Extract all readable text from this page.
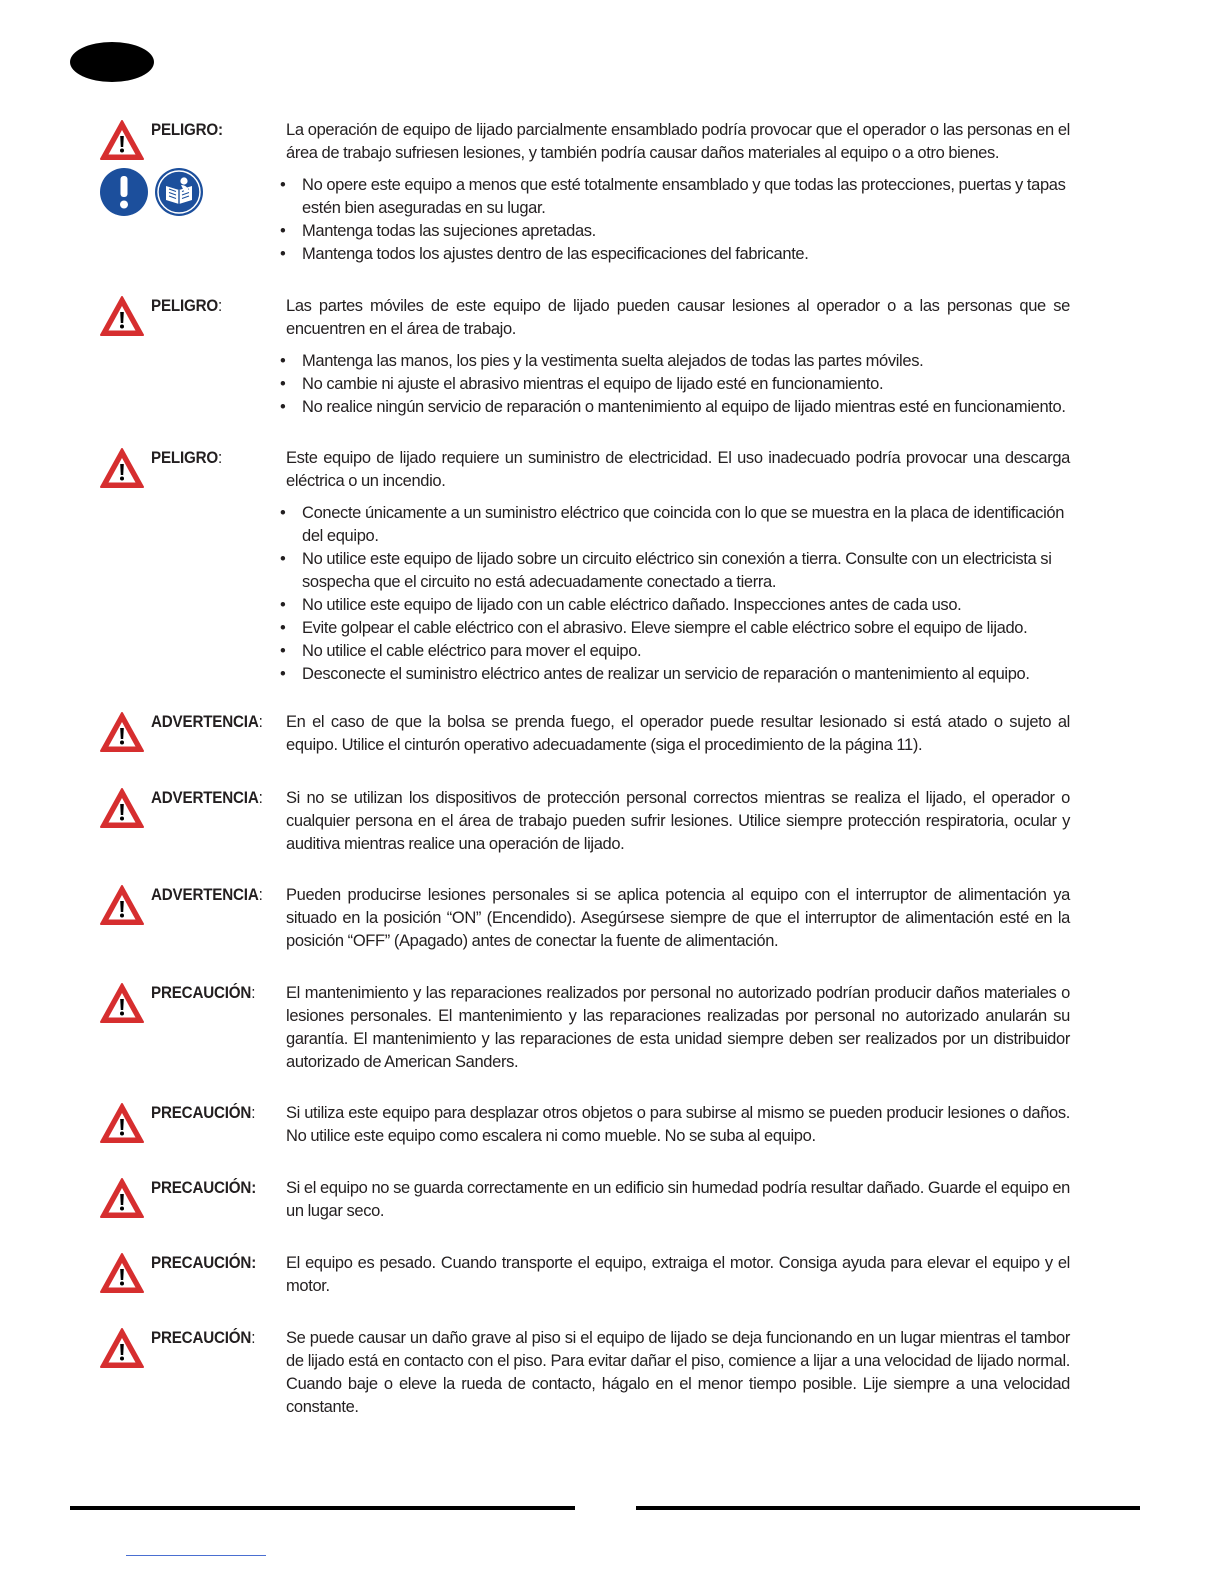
PELIGRO:	La operación de equipo de lijado parcialmente ensamblado podría provocar que el operador o las personas en el área de trabajo sufriesen lesiones, y también podría causar daños materiales al equipo o a otro bienes.

• No opere este equipo a menos que esté totalmente ensamblado y que todas las protecciones, puertas y tapas estén bien aseguradas en su lugar.
• Mantenga todas las sujeciones apretadas.
• Mantenga todos los ajustes dentro de las especificaciones del fabricante.
PELIGRO:	Las partes móviles de este equipo de lijado pueden causar lesiones al operador o a las personas que se encuentren en el área de trabajo.

• Mantenga las manos, los pies y la vestimenta suelta alejados de todas las partes móviles.
• No cambie ni ajuste el abrasivo mientras el equipo de lijado esté en funcionamiento.
• No realice ningún servicio de reparación o mantenimiento al equipo de lijado mientras esté en funcionamiento.
PELIGRO:	Este equipo de lijado requiere un suministro de electricidad. El uso inadecuado podría provocar una descarga eléctrica o un incendio.

• Conecte únicamente a un suministro eléctrico que coincida con lo que se muestra en la placa de identificación del equipo.
• No utilice este equipo de lijado sobre un circuito eléctrico sin conexión a tierra. Consulte con un electricista si sospecha que el circuito no está adecuadamente conectado a tierra.
• No utilice este equipo de lijado con un cable eléctrico dañado. Inspecciones antes de cada uso.
• Evite golpear el cable eléctrico con el abrasivo. Eleve siempre el cable eléctrico sobre el equipo de lijado.
• No utilice el cable eléctrico para mover el equipo.
• Desconecte el suministro eléctrico antes de realizar un servicio de reparación o mantenimiento al equipo.
ADVERTENCIA: En el caso de que la bolsa se prenda fuego, el operador puede resultar lesionado si está atado o sujeto al equipo. Utilice el cinturón operativo adecuadamente (siga el procedimiento de la página 11).

ADVERTENCIA: Si no se utilizan los dispositivos de protección personal correctos mientras se realiza el lijado, el operador o cualquier persona en el área de trabajo pueden sufrir lesiones. Utilice siempre protección respiratoria, ocular y auditiva mientras realice una operación de lijado.

ADVERTENCIA: Pueden producirse lesiones personales si se aplica potencia al equipo con el interruptor de alimentación ya situado en la posición “ON” (Encendido). Asegúrsese siempre de que el interruptor de alimentación esté en la posición “OFF” (Apagado) antes de conectar la fuente de alimentación.

PRECAUCIÓN: El mantenimiento y las reparaciones realizados por personal no autorizado podrían producir daños materiales o lesiones personales. El mantenimiento y las reparaciones realizadas por personal no autorizado anularán su garantía. El mantenimiento y las reparaciones de esta unidad siempre deben ser realizados por un distribuidor autorizado de American Sanders.

PRECAUCIÓN: Si utiliza este equipo para desplazar otros objetos o para subirse al mismo se pueden producir lesiones o daños. No utilice este equipo como escalera ni como mueble. No se suba al equipo.

PRECAUCIÓN: Si el equipo no se guarda correctamente en un edificio sin humedad podría resultar dañado. Guarde el equipo en un lugar seco.

PRECAUCIÓN: El equipo es pesado. Cuando transporte el equipo, extraiga el motor. Consiga ayuda para elevar el equipo y el motor.

PRECAUCIÓN: Se puede causar un daño grave al piso si el equipo de lijado se deja funcionando en un lugar mientras el tambor de lijado está en contacto con el piso. Para evitar dañar el piso, comience a lijar a una velocidad de lijado normal. Cuando baje o eleve la rueda de contacto, hágalo en el menor tiempo posible. Lije siempre a una velocidad constante.
